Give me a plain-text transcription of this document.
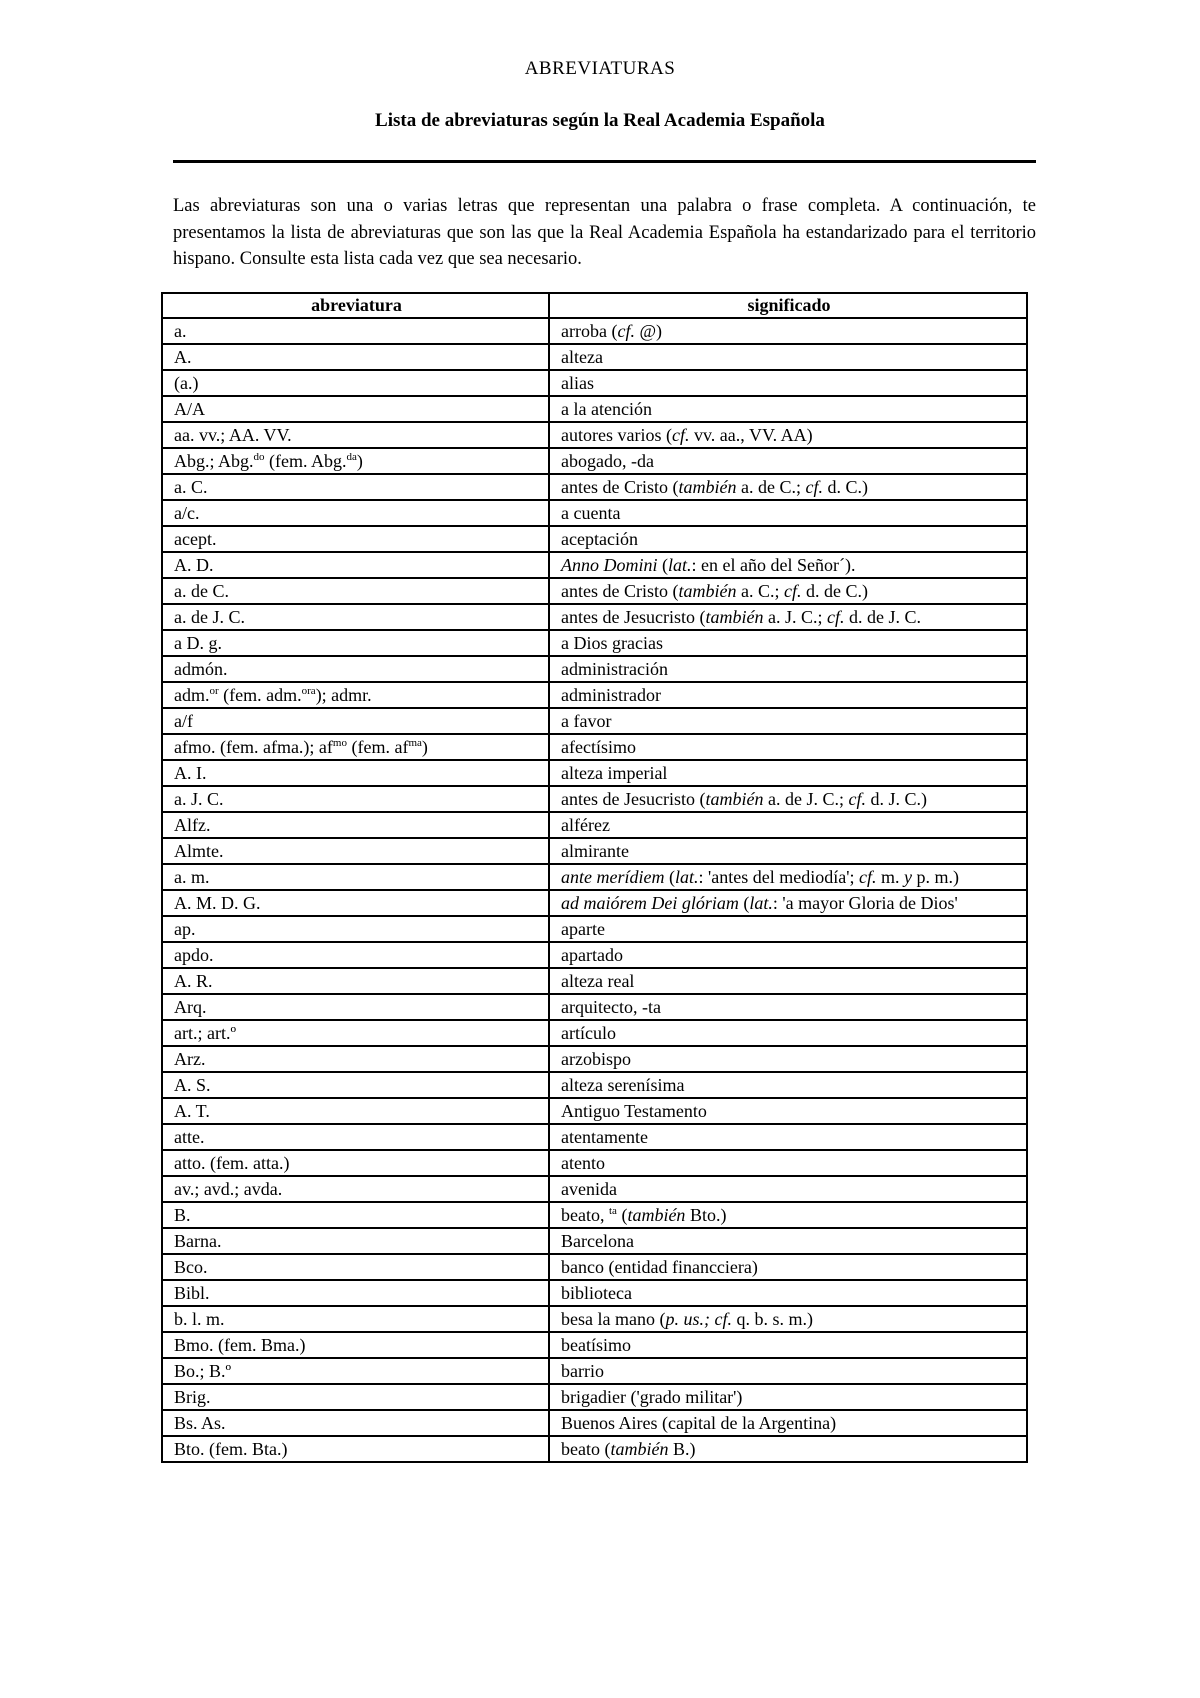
ABREVIATURAS
Lista de abreviaturas según la Real Academia Española

Las abreviaturas son una o varias letras que representan una palabra o frase completa. A continuación, te presentamos la lista de abreviaturas que son las que la Real Academia Española ha estandarizado para el territorio hispano. Consulte esta lista cada vez que sea necesario.

abreviatura	significado
a.	arroba (cf. @)
A.	alteza
(a.)	alias
A/A	a la atención
aa. vv.; AA. VV.	autores varios (cf. vv. aa., VV. AA)
Abg.; Abg.$^{do}$ (fem. Abg.$^{da}$)	abogado, -da
a. C.	antes de Cristo (también a. de C.; cf. d. C.)
a/c.	a cuenta
acept.	aceptación
A. D.	Anno Domini (lat.: en el año del Señor´).
a. de C.	antes de Cristo (también a. C.; cf. d. de C.)
a. de J. C.	antes de Jesucristo (también a. J. C.; cf. d. de J. C.
a D. g.	a Dios gracias
admón.	administración
adm.$^{or}$ (fem. adm.$^{ora}$); admr.	administrador
a/f	a favor
afmo. (fem. afma.); $af^{mo}$ (fem. $af^{ma}$)	afectísimo
A. I.	alteza imperial
a. J. C.	antes de Jesucristo (también a. de J. C.; cf. d. J. C.)
Alfz.	alférez
Almte.	almirante
a. m.	ante merídiem (lat.: 'antes del mediodía'; cf. m. y p. m.)
A. M. D. G.	ad maiórem Dei glóriam (lat.: 'a mayor Gloria de Dios'
ap.	aparte
apdo.	apartado
A. R.	alteza real
Arq.	arquitecto, -ta
art.; art.º	artículo
Arz.	arzobispo
A. S.	alteza serenísima
A. T.	Antiguo Testamento
atte.	atentamente
atto. (fem. atta.)	atento
av.; avd.; avda.	avenida
B.	beato, $^{ta}$ (también Bto.)
Barna.	Barcelona
Bco.	banco (entidad financciera)
Bibl.	biblioteca
b. l. m.	besa la mano (p. us.; cf. q. b. s. m.)
Bmo. (fem. Bma.)	beatísimo
Bo.; B.º	barrio
Brig.	brigadier ('grado militar')
Bs. As.	Buenos Aires (capital de la Argentina)
Bto. (fem. Bta.)	beato (también B.)
